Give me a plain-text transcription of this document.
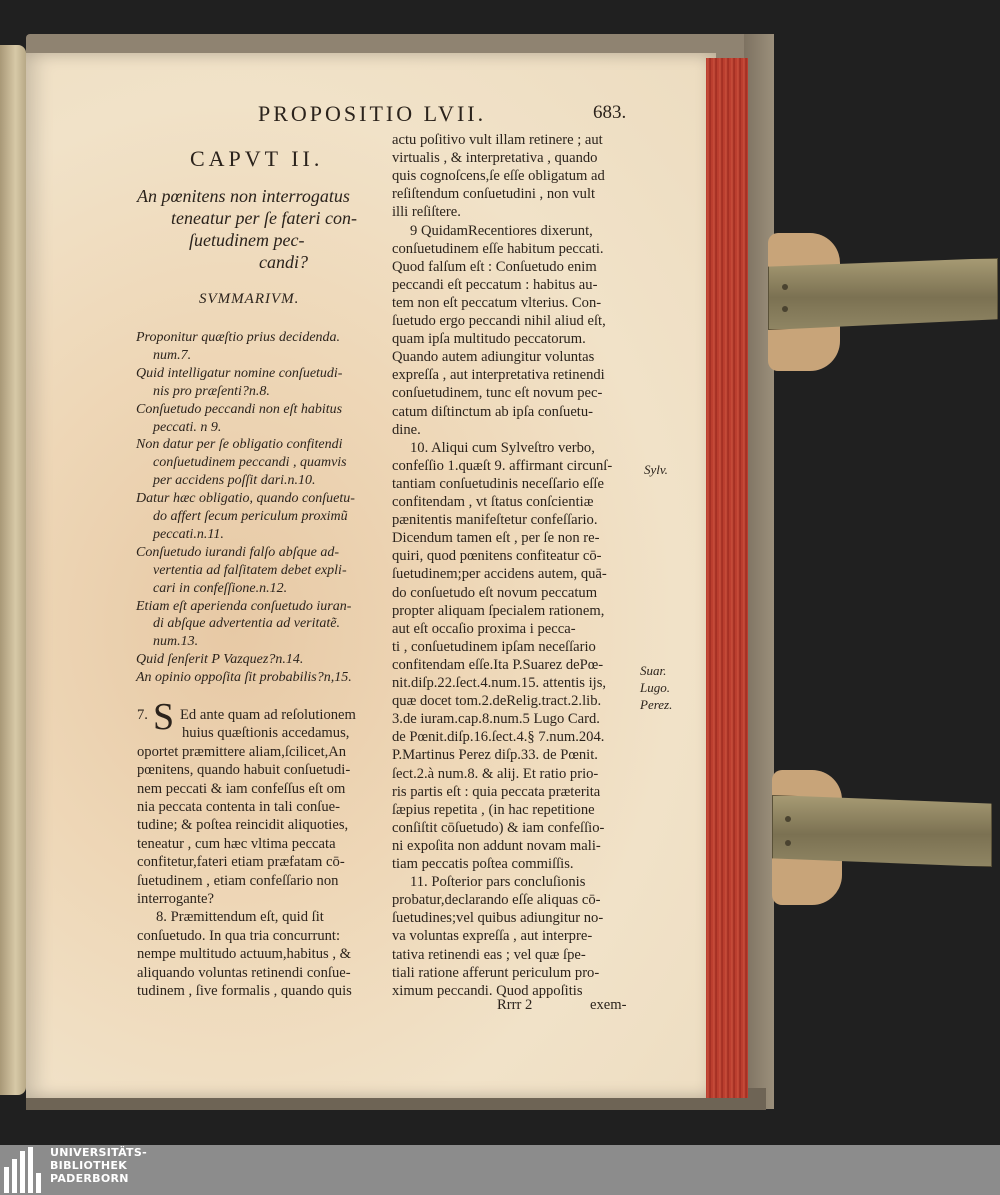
PROPOSITIO LVII.	683.
CAPVT II.
An pœnitens non interrogatus
teneatur per ſe fateri con-
ſuetudinem pec-
candi?
SVMMARIVM.
Proponitur quæſtio prius decidenda.
num.7.
Quid intelligatur nomine conſuetudi-
nis pro præſenti?n.8.
Conſuetudo peccandi non eſt habitus
peccati. n 9.
Non datur per ſe obligatio confitendi
conſuetudinem peccandi , quamvis
per accidens poſſit dari.n.10.
Datur hæc obligatio, quando conſuetu-
do affert ſecum periculum proximũ
peccati.n.11.
Conſuetudo iurandi falſo abſque ad-
vertentia ad falſitatem debet expli-
cari in confeſſione.n.12.
Etiam eſt aperienda conſuetudo iuran-
di abſque advertentia ad veritatẽ.
num.13.
Quid ſenſerit P Vazquez?n.14.
An opinio oppoſita ſit probabilis?n,15.
7. S Ed ante quam ad reſolutionem
huius quæſtionis accedamus,
oportet præmittere aliam,ſcilicet,An
pœnitens, quando habuit conſuetudi-
nem peccati & iam confeſſus eſt om
nia peccata contenta in tali conſue-
tudine; & poſtea reincidit aliquoties,
teneatur , cum hæc vltima peccata
confitetur,fateri etiam præfatam cō-
ſuetudinem , etiam confeſſario non
interrogante?
8. Præmittendum eſt, quid ſit
conſuetudo. In qua tria concurrunt:
nempe multitudo actuum,habitus , &
aliquando voluntas retinendi conſue-
tudinem , ſive formalis , quando quis
actu poſitivo vult illam retinere ; aut
virtualis , & interpretativa , quando
quis cognoſcens,ſe eſſe obligatum ad
reſiſtendum conſuetudini , non vult
illi reſiſtere.
9 QuidamRecentiores dixerunt,
conſuetudinem eſſe habitum peccati.
Quod falſum eſt : Conſuetudo enim
peccandi eſt peccatum : habitus au-
tem non eſt peccatum vlterius. Con-
ſuetudo ergo peccandi nihil aliud eſt,
quam ipſa multitudo peccatorum.
Quando autem adiungitur voluntas
expreſſa , aut interpretativa retinendi
conſuetudinem, tunc eſt novum pec-
catum diſtinctum ab ipſa conſuetu-
dine.
10. Aliqui cum Sylveſtro verbo,
confeſſio 1.quæſt 9. affirmant circunſ-
tantiam conſuetudinis neceſſario eſſe
confitendam , vt ſtatus conſcientiæ
pænitentis manifeſtetur confeſſario.
Dicendum tamen eſt , per ſe non re-
quiri, quod pœnitens confiteatur cō-
ſuetudinem;per accidens autem, quā-
do conſuetudo eſt novum peccatum
propter aliquam ſpecialem rationem,
aut eſt occaſio proxima i pecca-
ti , conſuetudinem ipſam neceſſario
confitendam eſſe.Ita P.Suarez dePœ-
nit.diſp.22.ſect.4.num.15. attentis ijs,
quæ docet tom.2.deRelig.tract.2.lib.
3.de iuram.cap.8.num.5 Lugo Card.
de Pœnit.diſp.16.ſect.4.§ 7.num.204.
P.Martinus Perez diſp.33. de Pœnit.
ſect.2.à num.8. & alij. Et ratio prio-
ris partis eſt : quia peccata præterita
ſæpius repetita , (in hac repetitione
conſiſtit cōſuetudo) & iam confeſſio-
ni expoſita non addunt novam mali-
tiam peccatis poſtea commiſſis.
11. Poſterior pars concluſionis
probatur,declarando eſſe aliquas cō-
ſuetudines;vel quibus adiungitur no-
va voluntas expreſſa , aut interpre-
tativa retinendi eas ; vel quæ ſpe-
tiali ratione afferunt periculum pro-
ximum peccandi. Quod appoſitis
Rrrr 2	exem-
Sylv.
Suar.
Lugo.
Perez.
UNIVERSITÄTS-
BIBLIOTHEK
PADERBORN
